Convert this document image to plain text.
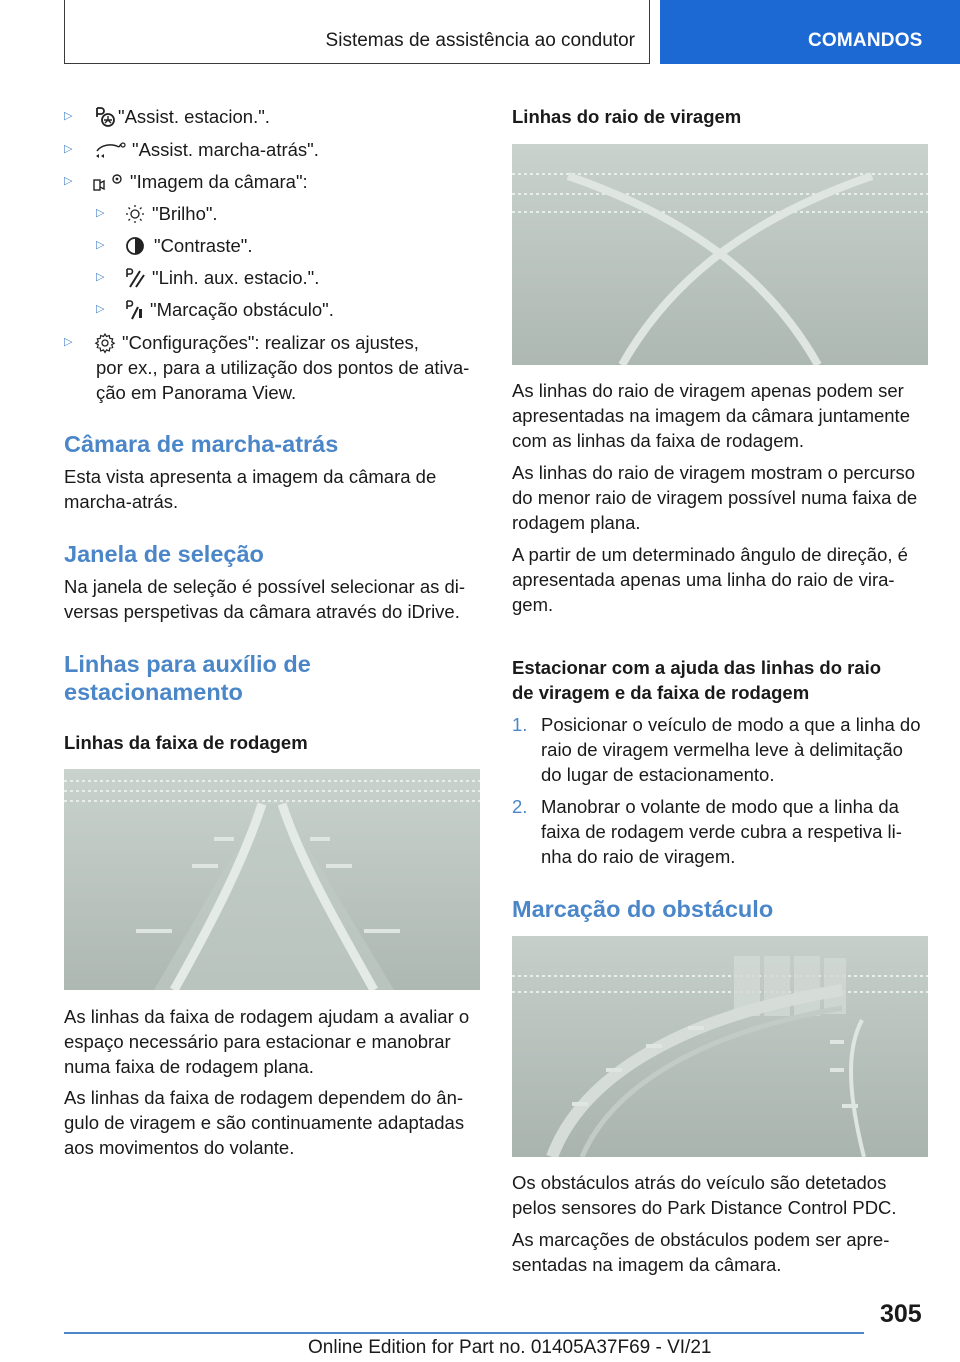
Sistemas de assistência ao condutor	COMANDOS
▷ "Assist. estacion.".
▷	"Assist. marcha-atrás".
▷	"Imagem da câmara":
▷	"Brilho".
▷	"Contraste".
▷	"Linh. aux. estacio.".
▷ "Marcação obstáculo".
▷	"Configurações": realizar os ajustes,
por ex., para a utilização dos pontos de ativa-
ção em Panorama View.
Câmara de marcha-atrás
Esta vista apresenta a imagem da câmara de
marcha-atrás.
Janela de seleção
Na janela de seleção é possível selecionar as di-
versas perspetivas da câmara através do iDrive.
Linhas para auxílio de
estacionamento
Linhas da faixa de rodagem
As linhas da faixa de rodagem ajudam a avaliar o
espaço necessário para estacionar e manobrar
numa faixa de rodagem plana.
As linhas da faixa de rodagem dependem do ân-
gulo de viragem e são continuamente adaptadas
aos movimentos do volante.
Linhas do raio de viragem
As linhas do raio de viragem apenas podem ser
apresentadas na imagem da câmara juntamente
com as linhas da faixa de rodagem.
As linhas do raio de viragem mostram o percurso
do menor raio de viragem possível numa faixa de
rodagem plana.
A partir de um determinado ângulo de direção, é
apresentada apenas uma linha do raio de vira-
gem.
Estacionar com a ajuda das linhas do raio
de viragem e da faixa de rodagem
1. Posicionar o veículo de modo a que a linha do
raio de viragem vermelha leve à delimitação
do lugar de estacionamento.
2. Manobrar o volante de modo que a linha da
faixa de rodagem verde cubra a respetiva li-
nha do raio de viragem.
Marcação do obstáculo
Os obstáculos atrás do veículo são detetados
pelos sensores do Park Distance Control PDC.
As marcações de obstáculos podem ser apre-
sentadas na imagem da câmara.
305
Online Edition for Part no. 01405A37F69 - VI/21
